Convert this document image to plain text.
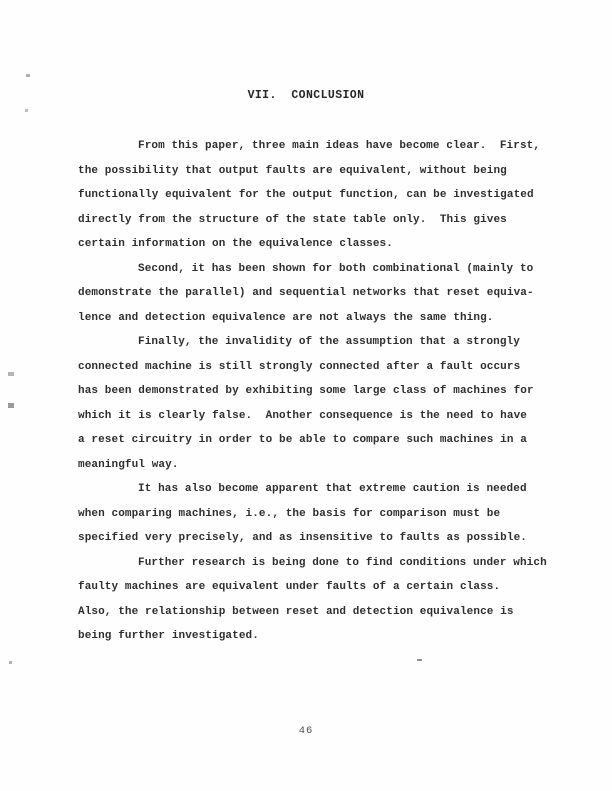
VII.  CONCLUSION
From this paper, three main ideas have become clear.  First,
the possibility that output faults are equivalent, without being
functionally equivalent for the output function, can be investigated
directly from the structure of the state table only.  This gives
certain information on the equivalence classes.
Second, it has been shown for both combinational (mainly to
demonstrate the parallel) and sequential networks that reset equiva-
lence and detection equivalence are not always the same thing.
Finally, the invalidity of the assumption that a strongly
connected machine is still strongly connected after a fault occurs
has been demonstrated by exhibiting some large class of machines for
which it is clearly false.  Another consequence is the need to have
a reset circuitry in order to be able to compare such machines in a
meaningful way.
It has also become apparent that extreme caution is needed
when comparing machines, i.e., the basis for comparison must be
specified very precisely, and as insensitive to faults as possible.
Further research is being done to find conditions under which
faulty machines are equivalent under faults of a certain class.
Also, the relationship between reset and detection equivalence is
being further investigated.
46
